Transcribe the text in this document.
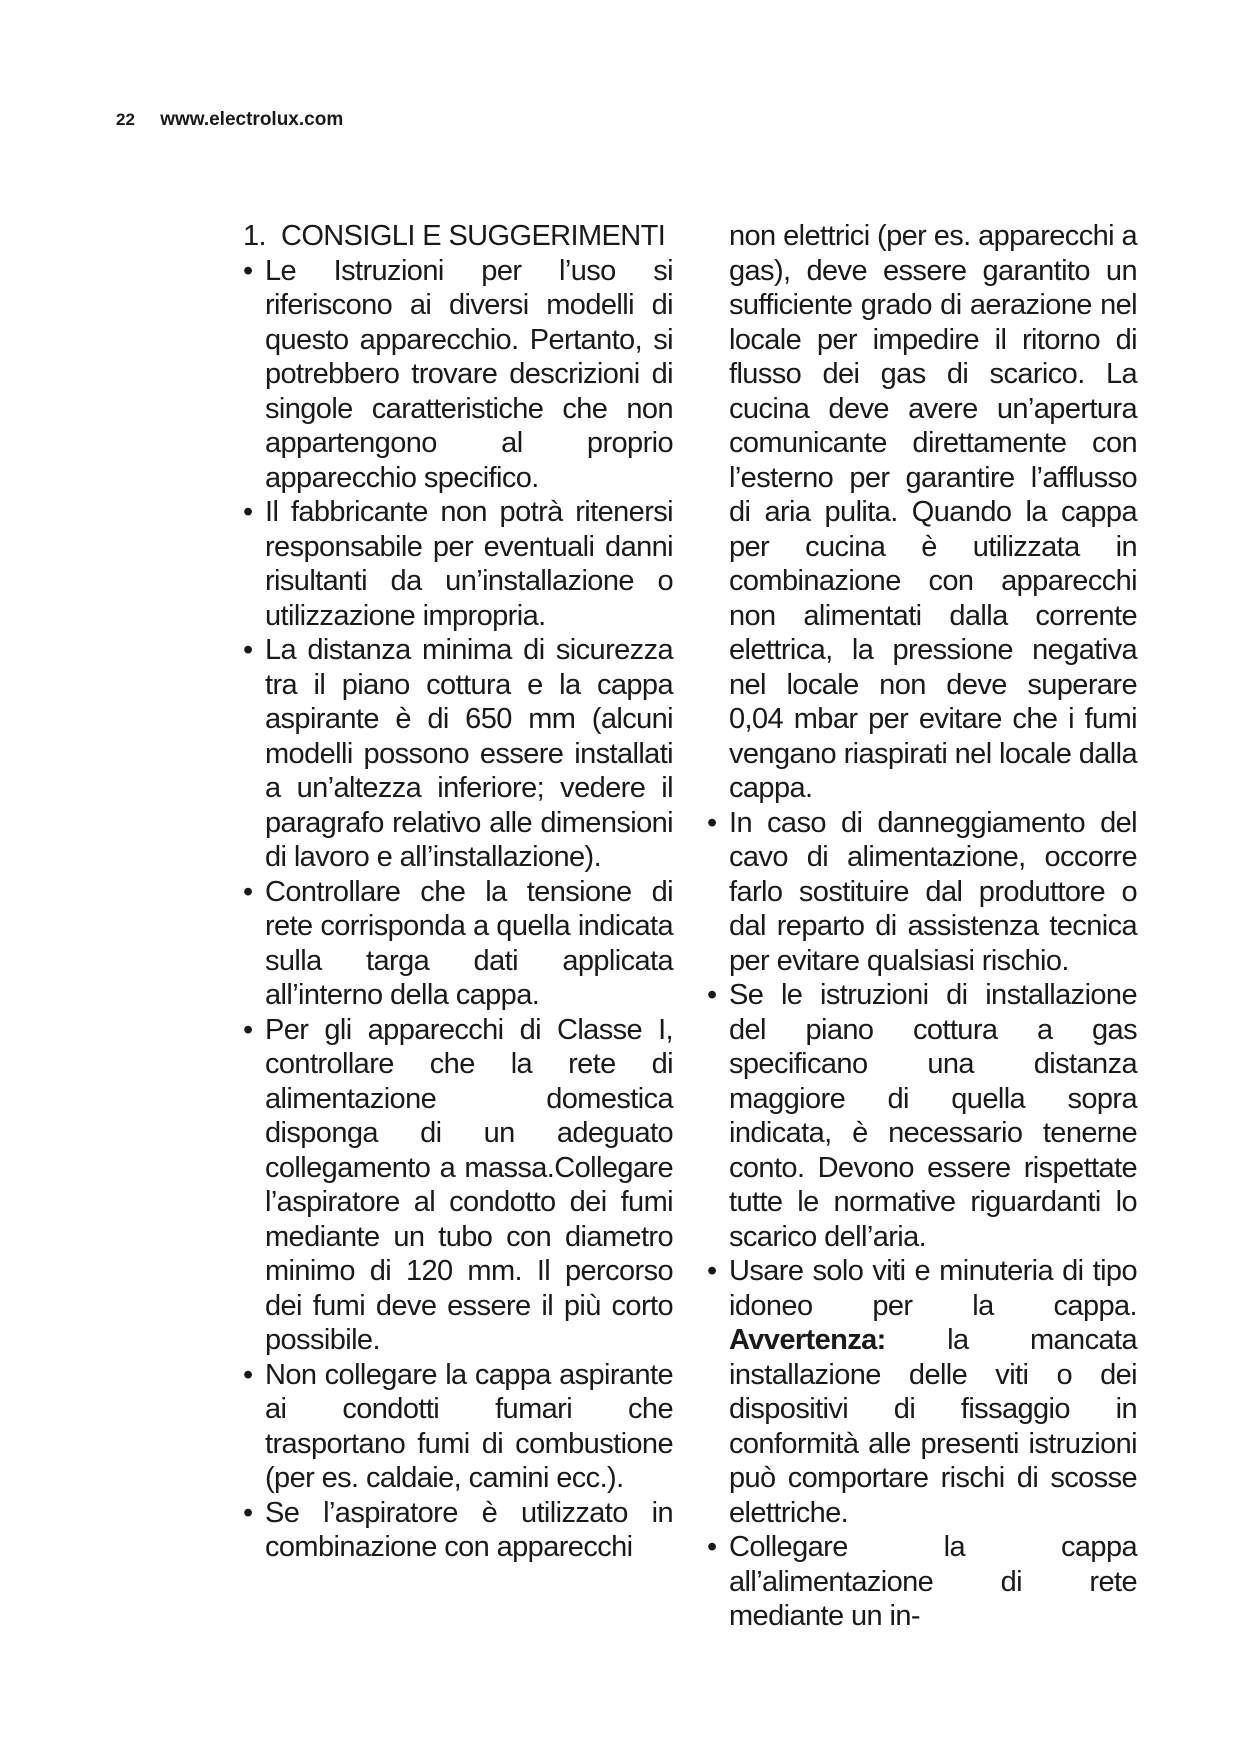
22 www.electrolux.com
1. CONSIGLI E SUGGERIMENTI
• Le Istruzioni per l’uso si riferiscono ai diversi modelli di questo apparecchio. Pertanto, si potrebbero trovare descrizioni di singole caratteristiche che non appartengono al proprio apparecchio specifico.
• Il fabbricante non potrà ritenersi responsabile per eventuali danni risultanti da un’installazione o utilizzazione impropria.
• La distanza minima di sicurezza tra il piano cottura e la cappa aspirante è di 650 mm (alcuni modelli possono essere installati a un’altezza inferiore; vedere il paragrafo relativo alle dimensioni di lavoro e all’installazione).
• Controllare che la tensione di rete corrisponda a quella indicata sulla targa dati applicata all’interno della cappa.
• Per gli apparecchi di Classe I, controllare che la rete di alimentazione domestica disponga di un adeguato collegamento a massa.Collegare l’aspiratore al condotto dei fumi mediante un tubo con diametro minimo di 120 mm. Il percorso dei fumi deve essere il più corto possibile.
• Non collegare la cappa aspirante ai condotti fumari che trasportano fumi di combustione (per es. caldaie, camini ecc.).
• Se l’aspiratore è utilizzato in combinazione con apparecchi
non elettrici (per es. apparecchi a gas), deve essere garantito un sufficiente grado di aerazione nel locale per impedire il ritorno di flusso dei gas di scarico. La cucina deve avere un’apertura comunicante direttamente con l’esterno per garantire l’afflusso di aria pulita. Quando la cappa per cucina è utilizzata in combinazione con apparecchi non alimentati dalla corrente elettrica, la pressione negativa nel locale non deve superare 0,04 mbar per evitare che i fumi vengano riaspirati nel locale dalla cappa.
• In caso di danneggiamento del cavo di alimentazione, occorre farlo sostituire dal produttore o dal reparto di assistenza tecnica per evitare qualsiasi rischio.
• Se le istruzioni di installazione del piano cottura a gas specificano una distanza maggiore di quella sopra indicata, è necessario tenerne conto. Devono essere rispettate tutte le normative riguardanti lo scarico dell’aria.
• Usare solo viti e minuteria di tipo idoneo per la cappa. Avvertenza: la mancata installazione delle viti o dei dispositivi di fissaggio in conformità alle presenti istruzioni può comportare rischi di scosse elettriche.
• Collegare la cappa all’alimentazione di rete mediante un in-
